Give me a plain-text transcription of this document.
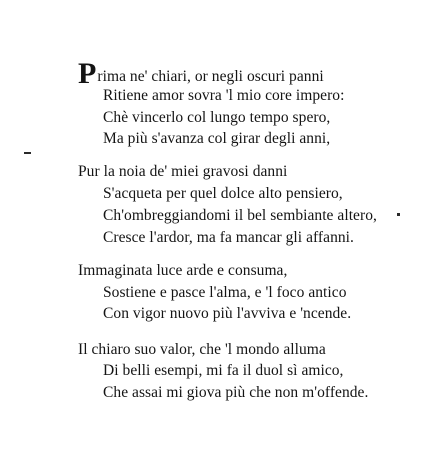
Prima ne' chiari, or negli oscuri panni
Ritiene amor sovra 'l mio core impero:
Chè vincerlo col lungo tempo spero,
Ma più s'avanza col girar degli anni,
Pur la noia de' miei gravosi danni
S'acqueta per quel dolce alto pensiero,
Ch'ombreggiandomi il bel sembiante altero,
Cresce l'ardor, ma fa mancar gli affanni.
Immaginata luce arde e consuma,
Sostiene e pasce l'alma, e 'l foco antico
Con vigor nuovo più l'avviva e 'ncende.
Il chiaro suo valor, che 'l mondo alluma
Di belli esempi, mi fa il duol sì amico,
Che assai mi giova più che non m'offende.
